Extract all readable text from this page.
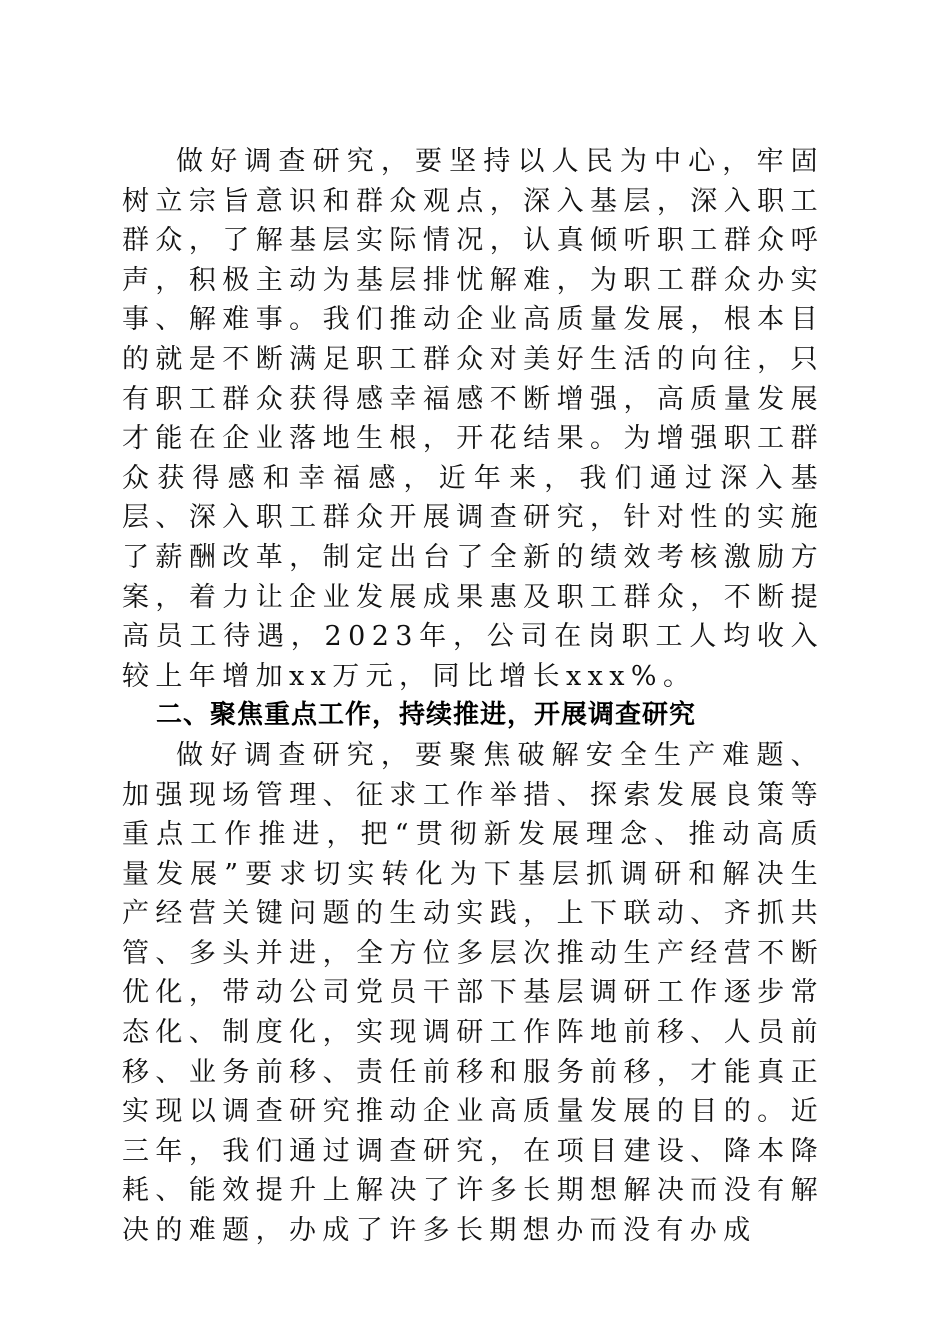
做好调查研究，要坚持以人民为中心，牢固树立宗旨意识和群众观点，深入基层，深入职工群众，了解基层实际情况，认真倾听职工群众呼声，积极主动为基层排忧解难，为职工群众办实事、解难事。我们推动企业高质量发展，根本目的就是不断满足职工群众对美好生活的向往，只有职工群众获得感幸福感不断增强，高质量发展才能在企业落地生根，开花结果。为增强职工群众获得感和幸福感，近年来，我们通过深入基层、深入职工群众开展调查研究，针对性的实施了薪酬改革，制定出台了全新的绩效考核激励方案，着力让企业发展成果惠及职工群众，不断提高员工待遇，2023年，公司在岗职工人均收入较上年增加xx万元，同比增长xxx%。

二、聚焦重点工作，持续推进，开展调查研究

做好调查研究，要聚焦破解安全生产难题、加强现场管理、征求工作举措、探索发展良策等重点工作推进，把“贯彻新发展理念、推动高质量发展”要求切实转化为下基层抓调研和解决生产经营关键问题的生动实践，上下联动、齐抓共管、多头并进，全方位多层次推动生产经营不断优化，带动公司党员干部下基层调研工作逐步常态化、制度化，实现调研工作阵地前移、人员前移、业务前移、责任前移和服务前移，才能真正实现以调查研究推动企业高质量发展的目的。近三年，我们通过调查研究，在项目建设、降本降耗、能效提升上解决了许多长期想解决而没有解决的难题，办成了许多长期想办而没有办成
